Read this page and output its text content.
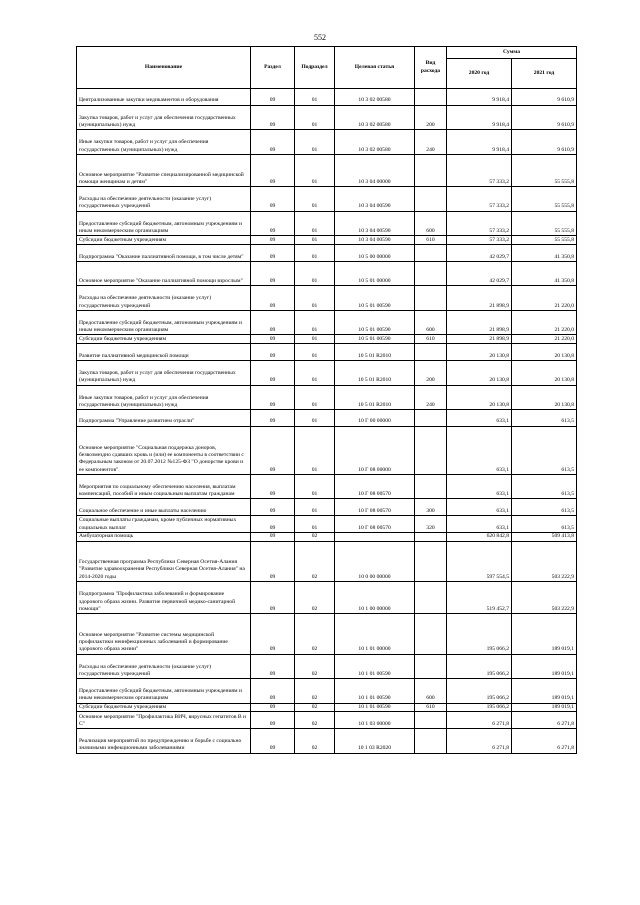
552
Наименование	Раздел	Подраздел	Целевая статья	Вид расхода	Сумма	
					2020 год	2021 год
Централизованные закупки медикаментов и оборудования	09	01	10 3 02 00580		9 918,4	9 610,9
Закупка товаров, работ и услуг для обеспечения государственных (муниципальных) нужд	09	01	10 3 02 00580	200	9 918,4	9 610,9
Иные закупки товаров, работ и услуг для обеспечения государственных (муниципальных) нужд	09	01	10 3 02 00580	240	9 918,4	9 610,9
Основное мероприятие "Развитие специализированной медицинской помощи женщинам и детям"	09	01	10 3 04 00000		57 333,2	55 555,8
Расходы на обеспечение деятельности (оказание услуг) государственных учреждений	09	01	10 3 04 00590		57 333,2	55 555,8
Предоставление субсидий бюджетным, автономным учреждениям и иным некоммерческим организациям	09	01	10 3 04 00590	600	57 333,2	55 555,8
Субсидии бюджетным учреждениям	09	01	10 3 04 00590	610	57 333,2	55 555,8
Подпрограмма "Оказание паллиативной помощи, в том числе детям"	09	01	10 5 00 00000		42 029,7	41 350,8
Основное мероприятие "Оказание паллиативной помощи взрослым"	09	01	10 5 01 00000		42 029,7	41 350,8
Расходы на обеспечение деятельности (оказание услуг) государственных учреждений	09	01	10 5 01 00590		21 898,9	21 220,0
Предоставление субсидий бюджетным, автономным учреждениям и иным некоммерческим организациям	09	01	10 5 01 00590	600	21 898,9	21 220,0
Субсидии бюджетным учреждениям	09	01	10 5 01 00590	610	21 898,9	21 220,0
Развитие паллиативной медицинской помощи	09	01	10 5 01 R2010		20 130,8	20 130,8
Закупка товаров, работ и услуг для обеспечения государственных (муниципальных) нужд	09	01	10 5 01 R2010	200	20 130,8	20 130,8
Иные закупки товаров, работ и услуг для обеспечения государственных (муниципальных) нужд	09	01	10 5 01 R2010	240	20 130,8	20 130,8
Подпрограмма "Управление развитием отрасли"	09	01	10 Г 00 00000		633,1	613,5
Основное мероприятие "Социальная поддержка доноров, безвозмездно сдавших кровь и (или) ее компоненты в соответствии с Федеральным законом от 20.07.2012 №125-ФЗ "О донорстве крови и ее компонентов"	09	01	10 Г 08 00000		633,1	613,5
Мероприятия по социальному обеспечению населения, выплатам компенсаций, пособий и иным социальным выплатам гражданам	09	01	10 Г 08 00570		633,1	613,5
Социальное обеспечение и иные выплаты населению	09	01	10 Г 08 00570	300	633,1	613,5
Социальные выплаты гражданам, кроме публичных нормативных социальных выплат	09	01	10 Г 08 00570	320	633,1	613,5
Амбулаторная помощь	09	02			620 842,8	509 413,8
Государственная программа Республики Северная Осетия-Алания "Развитие здравоохранения Республики Северная Осетия-Алания" на 2014-2020 годы	09	02	10 0 00 00000		597 554,5	503 222,9
Подпрограмма "Профилактика заболеваний и формирование здорового образа жизни. Развитие первичной медико-санитарной помощи"	09	02	10 1 00 00000		519 452,7	503 222,9
Основное мероприятие "Развитие системы медицинской профилактики неинфекционных заболеваний и формирование здорового образа жизни"	09	02	10 1 01 00000		195 066,2	189 019,1
Расходы на обеспечение деятельности (оказание услуг) государственных учреждений	09	02	10 1 01 00590		195 066,2	189 019,1
Предоставление субсидий бюджетным, автономным учреждениям и иным некоммерческим организациям	09	02	10 1 01 00590	600	195 066,2	189 019,1
Субсидии бюджетным учреждениям	09	02	10 1 01 00590	610	195 066,2	189 019,1
Основное мероприятие "Профилактика ВИЧ, вирусных гепатитов В и С"	09	02	10 1 03 00000		6 271,8	6 271,8
Реализация мероприятий по предупреждению и борьбе с социально значимыми инфекционными заболеваниями	09	02	10 1 03 R2020		6 271,8	6 271,8
